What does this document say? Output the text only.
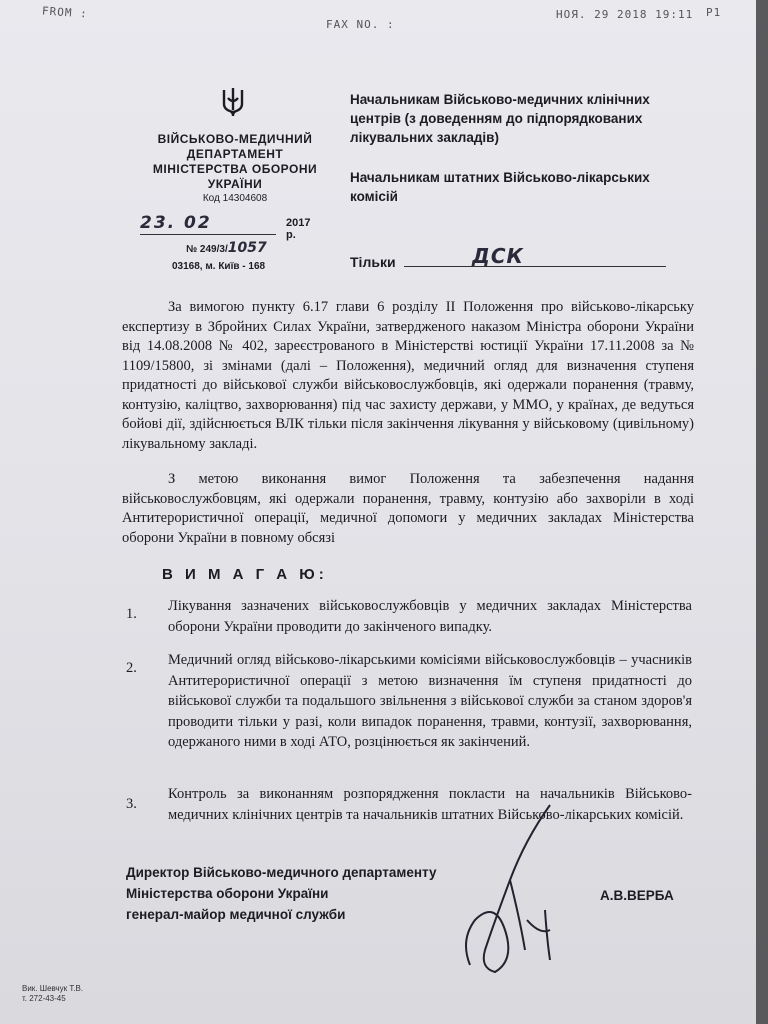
FROM :
FAX NO. :
НОЯ. 29 2018 19:11 P1
ВІЙСЬКОВО-МЕДИЧНИЙ
ДЕПАРТАМЕНТ
МІНІСТЕРСТВА ОБОРОНИ
УКРАЇНИ
Код 14304608
23. 02	2017 р.
№ 249/3/1057
03168, м. Київ - 168
Начальникам Військово-медичних клінічних центрів (з доведенням до підпорядкованих лікувальних закладів)
Начальникам штатних Військово-лікарських комісій
Тільки	ДСК
За вимогою пункту 6.17 глави 6 розділу II Положення про військово-лікарську експертизу в Збройних Силах України, затвердженого наказом Міністра оборони України від 14.08.2008 № 402, зареєстрованого в Міністерстві юстиції України 17.11.2008 за № 1109/15800, зі змінами (далі – Положення), медичний огляд для визначення ступеня придатності до військової служби військовослужбовців, які одержали поранення (травму, контузію, каліцтво, захворювання) під час захисту держави, у ММО, у країнах, де ведуться бойові дії, здійснюється ВЛК тільки після закінчення лікування у військовому (цивільному) лікувальному закладі.
З метою виконання вимог Положення та забезпечення надання військовослужбовцям, які одержали поранення, травму, контузію або захворіли в ході Антитерористичної операції, медичної допомоги у медичних закладах Міністерства оборони України в повному обсязі
В И М А Г А Ю:
1. Лікування зазначених військовослужбовців у медичних закладах Міністерства оборони України проводити до закінченого випадку.
2. Медичний огляд військово-лікарськими комісіями військовослужбовців – учасників Антитерористичної операції з метою визначення їм ступеня придатності до військової служби та подальшого звільнення з військової служби за станом здоров'я проводити тільки у разі, коли випадок поранення, травми, контузії, захворювання, одержаного ними в ході АТО, розцінюється як закінчений.
3.
Контроль за виконанням розпорядження покласти на начальників Військово-медичних клінічних центрів та начальників штатних Військово-лікарських комісій.
Директор Військово-медичного департаменту
Міністерства оборони України
генерал-майор медичної служби
А.В.ВЕРБА
Вик. Шевчук Т.В.
т. 272-43-45
